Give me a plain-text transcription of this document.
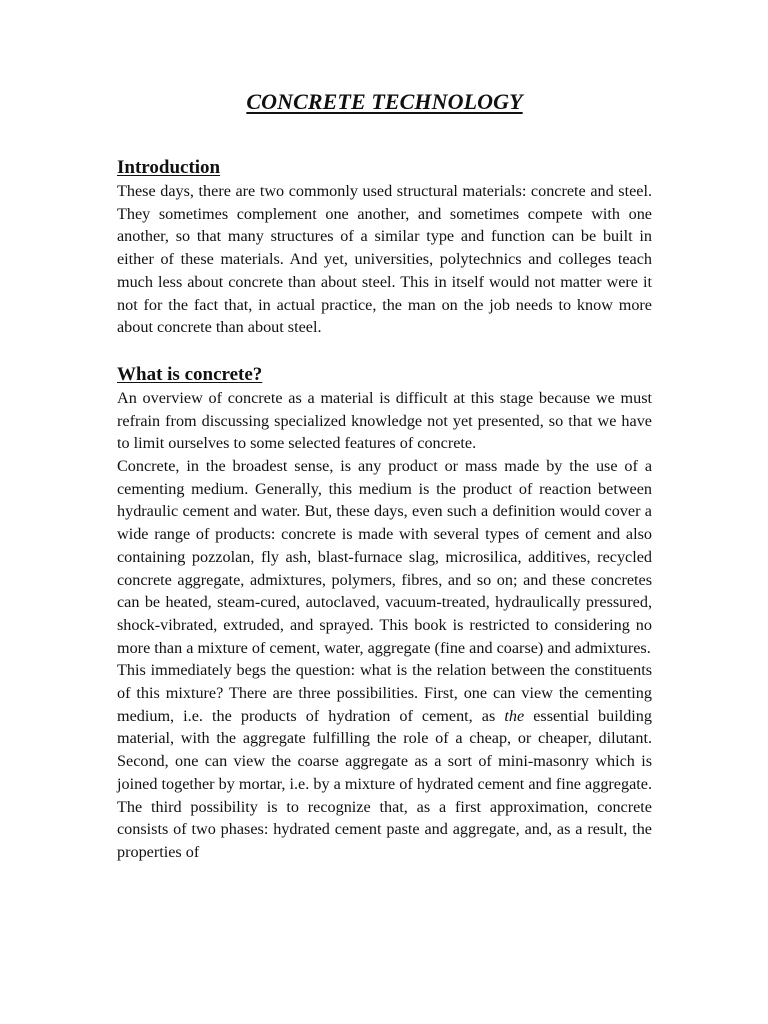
CONCRETE TECHNOLOGY
Introduction

These days, there are two commonly used structural materials: concrete and steel. They sometimes complement one another, and sometimes compete with one another, so that many structures of a similar type and function can be built in either of these materials. And yet, universities, polytechnics and colleges teach much less about concrete than about steel. This in itself would not matter were it not for the fact that, in actual practice, the man on the job needs to know more about concrete than about steel.

What is concrete?

An overview of concrete as a material is difficult at this stage because we must refrain from discussing specialized knowledge not yet presented, so that we have to limit ourselves to some selected features of concrete.

Concrete, in the broadest sense, is any product or mass made by the use of a cementing medium. Generally, this medium is the product of reaction between hydraulic cement and water. But, these days, even such a definition would cover a wide range of products: concrete is made with several types of cement and also containing pozzolan, fly ash, blast-furnace slag, microsilica, additives, recycled concrete aggregate, admixtures, polymers, fibres, and so on; and these concretes can be heated, steam-cured, autoclaved, vacuum-treated, hydraulically pressured, shock-vibrated, extruded, and sprayed. This book is restricted to considering no more than a mixture of cement, water, aggregate (fine and coarse) and admixtures.

This immediately begs the question: what is the relation between the constituents of this mixture? There are three possibilities. First, one can view the cementing medium, i.e. the products of hydration of cement, as the essential building material, with the aggregate fulfilling the role of a cheap, or cheaper, dilutant. Second, one can view the coarse aggregate as a sort of mini-masonry which is joined together by mortar, i.e. by a mixture of hydrated cement and fine aggregate. The third possibility is to recognize that, as a first approximation, concrete consists of two phases: hydrated cement paste and aggregate, and, as a result, the properties of
